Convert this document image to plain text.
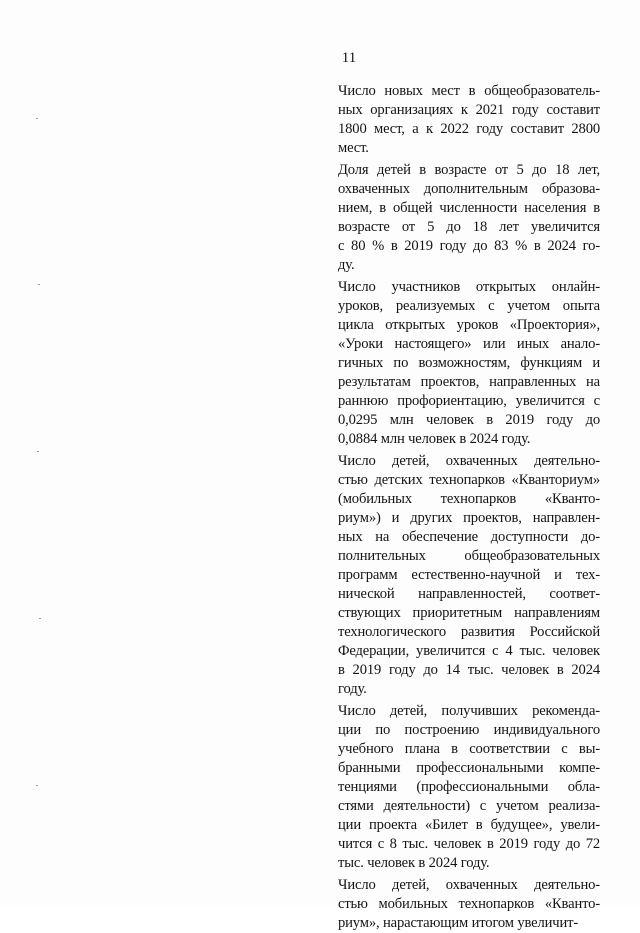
11
Число новых мест в общеобразователь-
ных организациях к 2021 году составит
1800 мест, а к 2022 году составит 2800
мест.
Доля детей в возрасте от 5 до 18 лет,
охваченных дополнительным образова-
нием, в общей численности населения в
возрасте от 5 до 18 лет увеличится
с 80 % в 2019 году до 83 % в 2024 го-
ду.
Число участников открытых онлайн-
уроков, реализуемых с учетом опыта
цикла открытых уроков «Проектория»,
«Уроки настоящего» или иных анало-
гичных по возможностям, функциям и
результатам проектов, направленных на
раннюю профориентацию, увеличится с
0,0295 млн человек в 2019 году до
0,0884 млн человек в 2024 году.
Число детей, охваченных деятельно-
стью детских технопарков «Кванториум»
(мобильных технопарков «Кванто-
риум») и других проектов, направлен-
ных на обеспечение доступности до-
полнительных общеобразовательных
программ естественно-научной и тех-
нической направленностей, соответ-
ствующих приоритетным направлениям
технологического развития Российской
Федерации, увеличится с 4 тыс. человек
в 2019 году до 14 тыс. человек в 2024
году.
Число детей, получивших рекоменда-
ции по построению индивидуального
учебного плана в соответствии с вы-
бранными профессиональными компе-
тенциями (профессиональными обла-
стями деятельности) с учетом реализа-
ции проекта «Билет в будущее», увели-
чится с 8 тыс. человек в 2019 году до 72
тыс. человек в 2024 году.
Число детей, охваченных деятельно-
стью мобильных технопарков «Кванто-
риум», нарастающим итогом увеличит-
